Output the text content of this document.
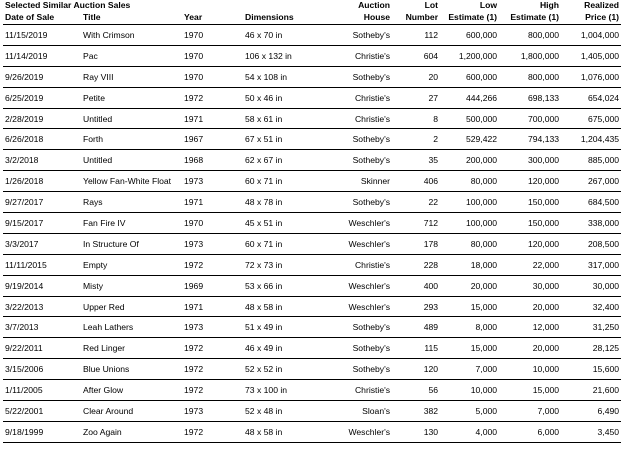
Selected Similar Auction Sales				Auction	Lot	Low	High	Realized
Date of Sale	Title	Year	Dimensions	House	Number	Estimate (1)	Estimate (1)	Price (1)
11/15/2019	With Crimson	1970	46 x 70 in	Sotheby's	112	600,000	800,000	1,004,000
11/14/2019	Pac	1970	106 x 132 in	Christie's	604	1,200,000	1,800,000	1,405,000
9/26/2019	Ray VIII	1970	54 x 108 in	Sotheby's	20	600,000	800,000	1,076,000
6/25/2019	Petite	1972	50 x 46 in	Christie's	27	444,266	698,133	654,024
2/28/2019	Untitled	1971	58 x 61 in	Christie's	8	500,000	700,000	675,000
6/26/2018	Forth	1967	67 x 51 in	Sotheby's	2	529,422	794,133	1,204,435
3/2/2018	Untitled	1968	62 x 67 in	Sotheby's	35	200,000	300,000	885,000
1/26/2018	Yellow Fan-White Float	1973	60 x 71 in	Skinner	406	80,000	120,000	267,000
9/27/2017	Rays	1971	48 x 78 in	Sotheby's	22	100,000	150,000	684,500
9/15/2017	Fan Fire IV	1970	45 x 51 in	Weschler's	712	100,000	150,000	338,000
3/3/2017	In Structure Of	1973	60 x 71 in	Weschler's	178	80,000	120,000	208,500
11/11/2015	Empty	1972	72 x 73 in	Christie's	228	18,000	22,000	317,000
9/19/2014	Misty	1969	53 x 66 in	Weschler's	400	20,000	30,000	30,000
3/22/2013	Upper Red	1971	48 x 58 in	Weschler's	293	15,000	20,000	32,400
3/7/2013	Leah Lathers	1973	51 x 49 in	Sotheby's	489	8,000	12,000	31,250
9/22/2011	Red Linger	1972	46 x 49 in	Sotheby's	115	15,000	20,000	28,125
3/15/2006	Blue Unions	1972	52 x 52 in	Sotheby's	120	7,000	10,000	15,600
1/11/2005	After Glow	1972	73 x 100 in	Christie's	56	10,000	15,000	21,600
5/22/2001	Clear Around	1973	52 x 48 in	Sloan's	382	5,000	7,000	6,490
9/18/1999	Zoo Again	1972	48 x 58 in	Weschler's	130	4,000	6,000	3,450
